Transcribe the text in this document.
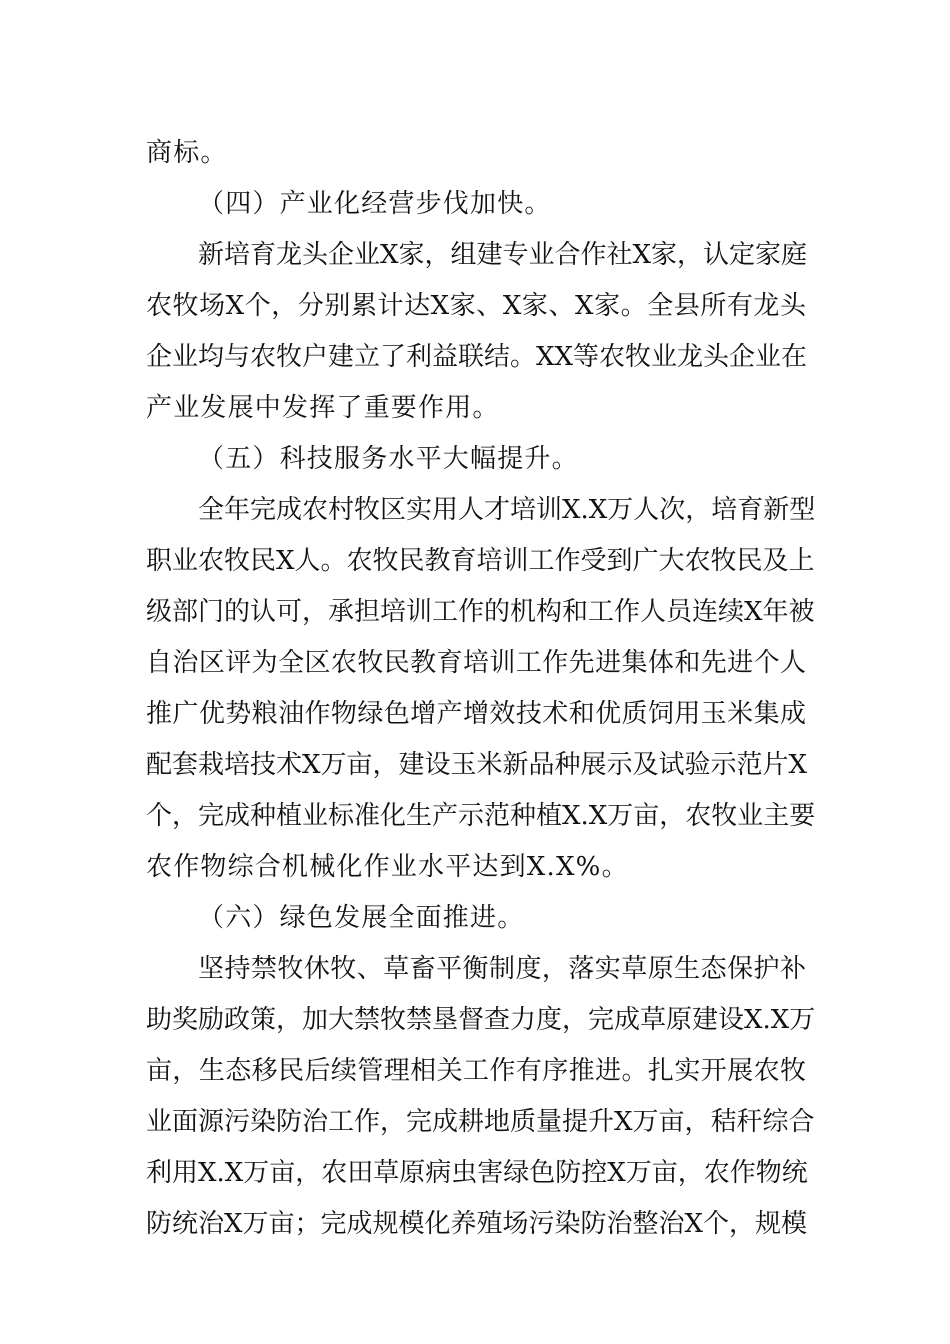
商标。
（四）产业化经营步伐加快。
新培育龙头企业X家，组建专业合作社X家，认定家庭
农牧场X个，分别累计达X家、X家、X家。全县所有龙头
企业均与农牧户建立了利益联结。XX等农牧业龙头企业在
产业发展中发挥了重要作用。
（五）科技服务水平大幅提升。
全年完成农村牧区实用人才培训X.X万人次，培育新型
职业农牧民X人。农牧民教育培训工作受到广大农牧民及上
级部门的认可，承担培训工作的机构和工作人员连续X年被
自治区评为全区农牧民教育培训工作先进集体和先进个人
推广优势粮油作物绿色增产增效技术和优质饲用玉米集成
配套栽培技术X万亩，建设玉米新品种展示及试验示范片X
个，完成种植业标准化生产示范种植X.X万亩，农牧业主要
农作物综合机械化作业水平达到X.X%。
（六）绿色发展全面推进。
坚持禁牧休牧、草畜平衡制度，落实草原生态保护补
助奖励政策，加大禁牧禁垦督查力度，完成草原建设X.X万
亩，生态移民后续管理相关工作有序推进。扎实开展农牧
业面源污染防治工作，完成耕地质量提升X万亩，秸秆综合
利用X.X万亩，农田草原病虫害绿色防控X万亩，农作物统
防统治X万亩；完成规模化养殖场污染防治整治X个，规模
